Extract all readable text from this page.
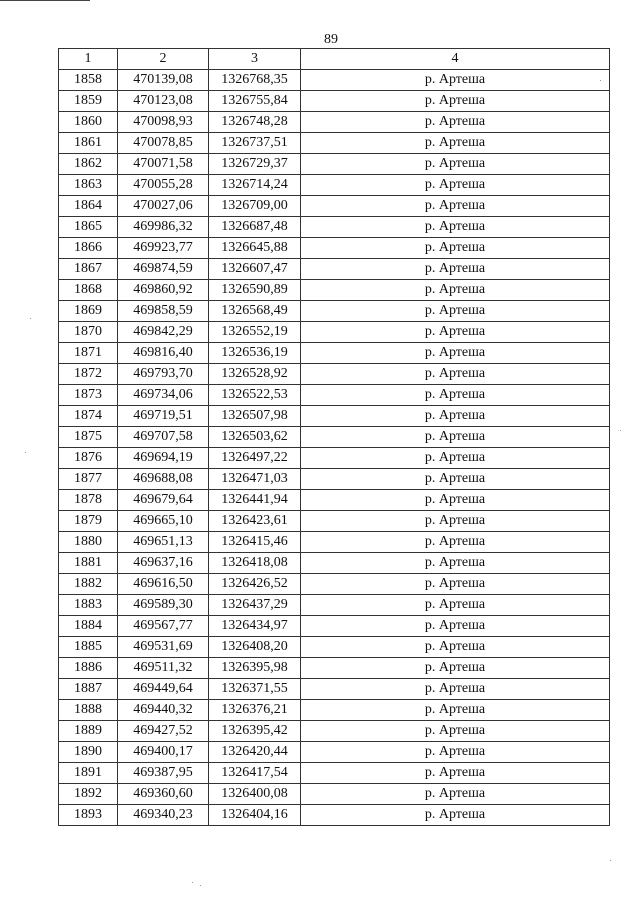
89
1	2	3	4
1858	470139,08	1326768,35	р. Артеша
1859	470123,08	1326755,84	р. Артеша
1860	470098,93	1326748,28	р. Артеша
1861	470078,85	1326737,51	р. Артеша
1862	470071,58	1326729,37	р. Артеша
1863	470055,28	1326714,24	р. Артеша
1864	470027,06	1326709,00	р. Артеша
1865	469986,32	1326687,48	р. Артеша
1866	469923,77	1326645,88	р. Артеша
1867	469874,59	1326607,47	р. Артеша
1868	469860,92	1326590,89	р. Артеша
1869	469858,59	1326568,49	р. Артеша
1870	469842,29	1326552,19	р. Артеша
1871	469816,40	1326536,19	р. Артеша
1872	469793,70	1326528,92	р. Артеша
1873	469734,06	1326522,53	р. Артеша
1874	469719,51	1326507,98	р. Артеша
1875	469707,58	1326503,62	р. Артеша
1876	469694,19	1326497,22	р. Артеша
1877	469688,08	1326471,03	р. Артеша
1878	469679,64	1326441,94	р. Артеша
1879	469665,10	1326423,61	р. Артеша
1880	469651,13	1326415,46	р. Артеша
1881	469637,16	1326418,08	р. Артеша
1882	469616,50	1326426,52	р. Артеша
1883	469589,30	1326437,29	р. Артеша
1884	469567,77	1326434,97	р. Артеша
1885	469531,69	1326408,20	р. Артеша
1886	469511,32	1326395,98	р. Артеша
1887	469449,64	1326371,55	р. Артеша
1888	469440,32	1326376,21	р. Артеша
1889	469427,52	1326395,42	р. Артеша
1890	469400,17	1326420,44	р. Артеша
1891	469387,95	1326417,54	р. Артеша
1892	469360,60	1326400,08	р. Артеша
1893	469340,23	1326404,16	р. Артеша
